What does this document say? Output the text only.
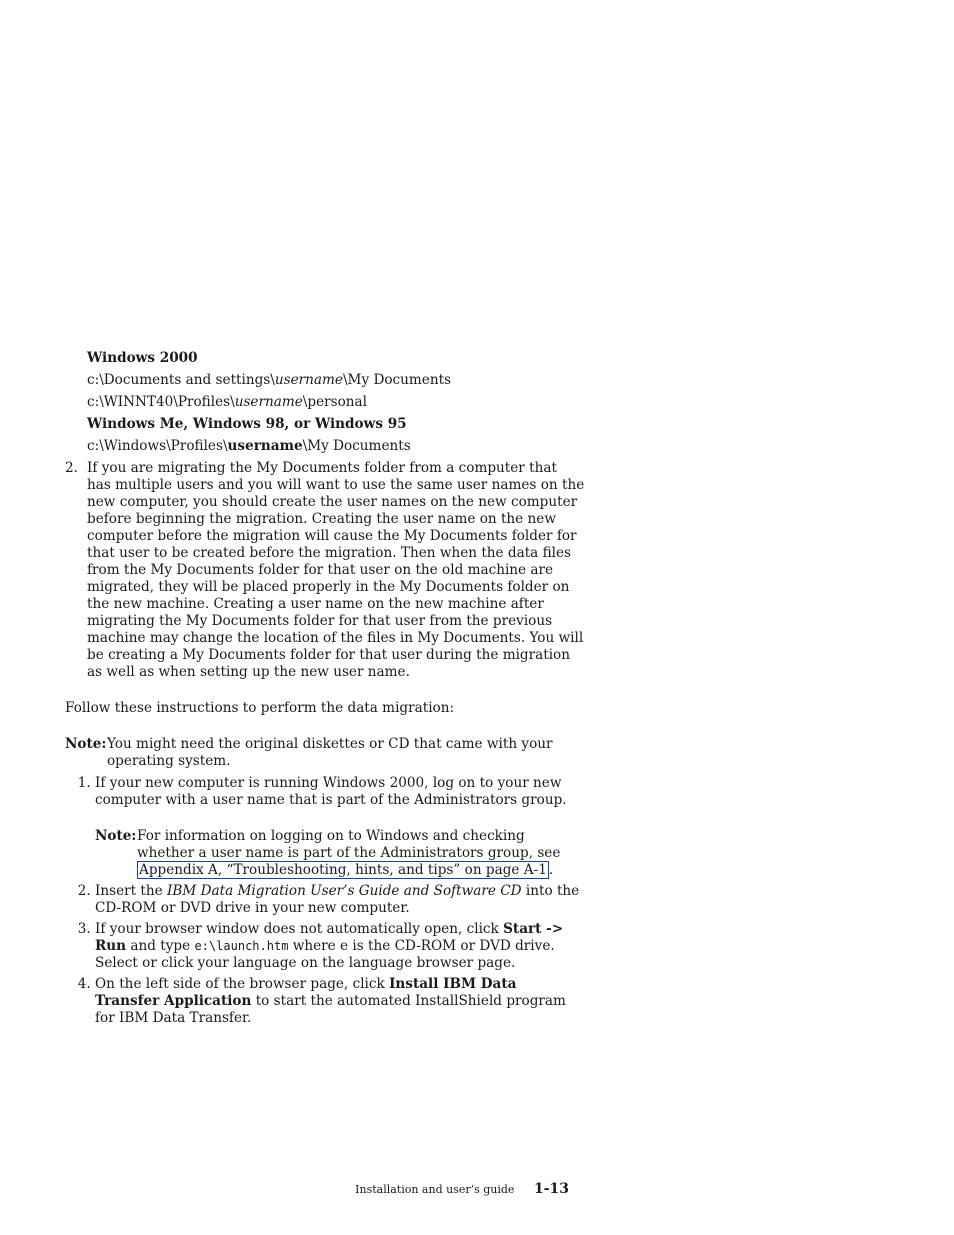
Windows 2000
c:\Documents and settings\username\My Documents
c:\WINNT40\Profiles\username\personal
Windows Me, Windows 98, or Windows 95
c:\Windows\Profiles\username\My Documents
2. If you are migrating the My Documents folder from a computer that has multiple users and you will want to use the same user names on the new computer, you should create the user names on the new computer before beginning the migration. Creating the user name on the new computer before the migration will cause the My Documents folder for that user to be created before the migration. Then when the data files from the My Documents folder for that user on the old machine are migrated, they will be placed properly in the My Documents folder on the new machine. Creating a user name on the new machine after migrating the My Documents folder for that user from the previous machine may change the location of the files in My Documents. You will be creating a My Documents folder for that user during the migration as well as when setting up the new user name.
Follow these instructions to perform the data migration:
Note: You might need the original diskettes or CD that came with your operating system.
1. If your new computer is running Windows 2000, log on to your new computer with a user name that is part of the Administrators group.
Note: For information on logging on to Windows and checking whether a user name is part of the Administrators group, see Appendix A, “Troubleshooting, hints, and tips” on page A-1 .
2. Insert the IBM Data Migration User’s Guide and Software CD into the CD-ROM or DVD drive in your new computer.
3. If your browser window does not automatically open, click Start -> Run and type e:\launch.htm where e is the CD-ROM or DVD drive. Select or click your language on the language browser page.
4. On the left side of the browser page, click Install IBM Data Transfer Application to start the automated InstallShield program for IBM Data Transfer.
Installation and user’s guide 1-13
